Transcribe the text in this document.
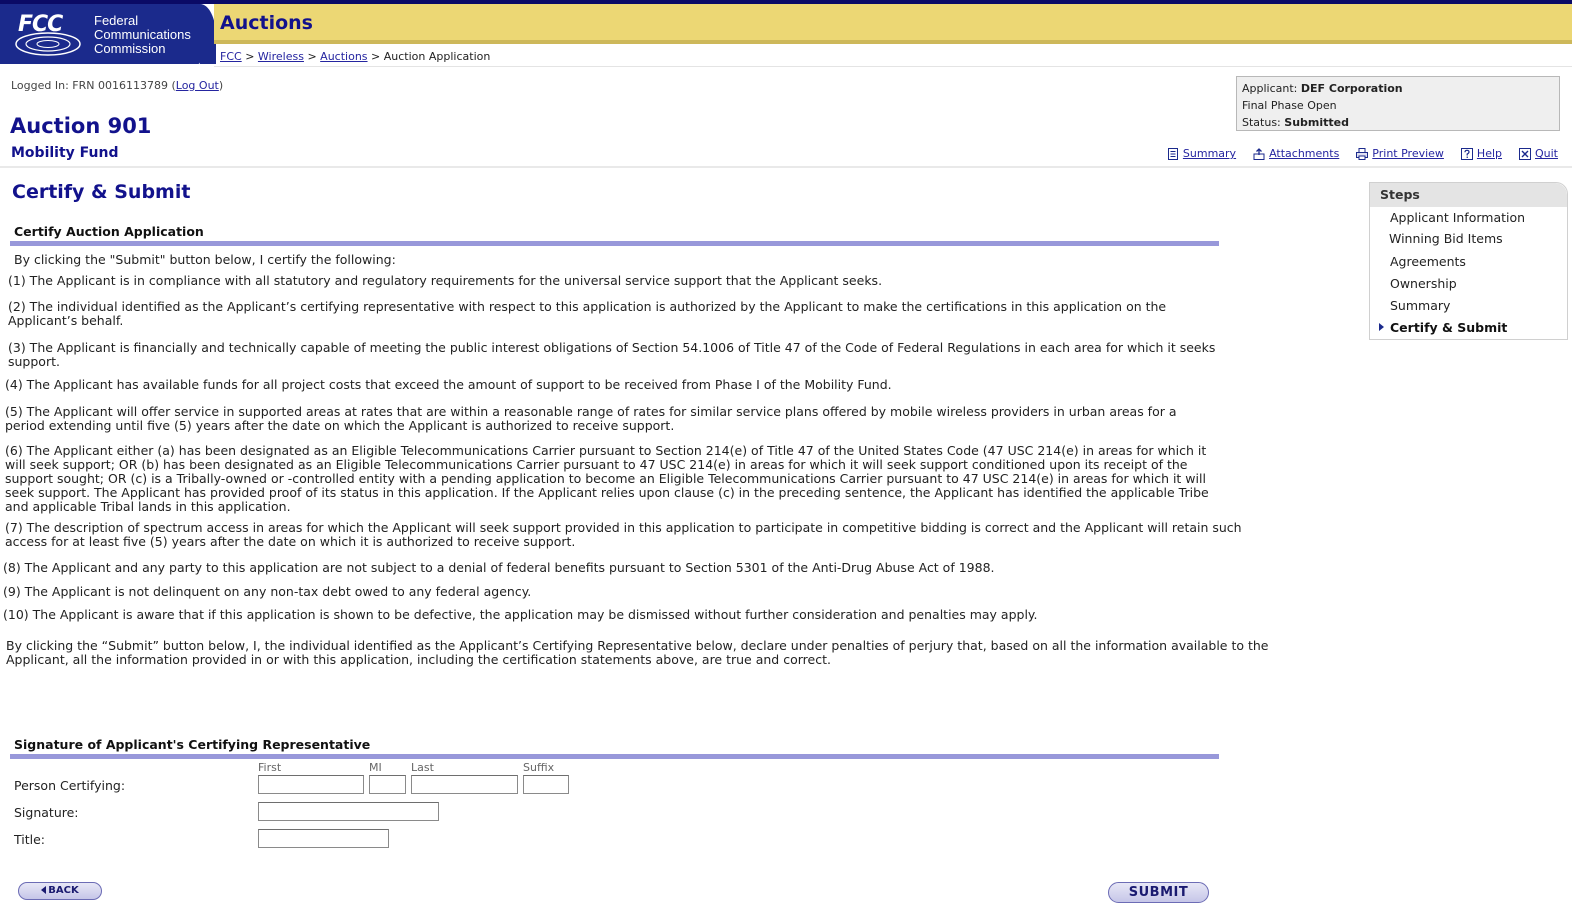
FCC Federal
Communications
Commission
Auctions
FCC > Wireless > Auctions > Auction Application
Logged In: FRN 0016113789 (Log Out)
Auction 901
Mobility Fund
Applicant: DEF Corporation
Final Phase Open
Status: Submitted
Summary	Attachments	Print Preview	Help	Quit
Certify & Submit
Certify Auction Application
By clicking the "Submit" button below, I certify the following:
(1) The Applicant is in compliance with all statutory and regulatory requirements for the universal service support that the Applicant seeks.
(2) The individual identified as the Applicant’s certifying representative with respect to this application is authorized by the Applicant to make the certifications in this application on the Applicant’s behalf.
(3) The Applicant is financially and technically capable of meeting the public interest obligations of Section 54.1006 of Title 47 of the Code of Federal Regulations in each area for which it seeks support.
(4) The Applicant has available funds for all project costs that exceed the amount of support to be received from Phase I of the Mobility Fund.
(5) The Applicant will offer service in supported areas at rates that are within a reasonable range of rates for similar service plans offered by mobile wireless providers in urban areas for a period extending until five (5) years after the date on which the Applicant is authorized to receive support.
(6) The Applicant either (a) has been designated as an Eligible Telecommunications Carrier pursuant to Section 214(e) of Title 47 of the United States Code (47 USC 214(e) in areas for which it will seek support; OR (b) has been designated as an Eligible Telecommunications Carrier pursuant to 47 USC 214(e) in areas for which it will seek support conditioned upon its receipt of the support sought; OR (c) is a Tribally-owned or -controlled entity with a pending application to become an Eligible Telecommunications Carrier pursuant to 47 USC 214(e) in areas for which it will seek support. The Applicant has provided proof of its status in this application. If the Applicant relies upon clause (c) in the preceding sentence, the Applicant has identified the applicable Tribe and applicable Tribal lands in this application.
(7) The description of spectrum access in areas for which the Applicant will seek support provided in this application to participate in competitive bidding is correct and the Applicant will retain such access for at least five (5) years after the date on which it is authorized to receive support.
(8) The Applicant and any party to this application are not subject to a denial of federal benefits pursuant to Section 5301 of the Anti-Drug Abuse Act of 1988.
(9) The Applicant is not delinquent on any non-tax debt owed to any federal agency.
(10) The Applicant is aware that if this application is shown to be defective, the application may be dismissed without further consideration and penalties may apply.
By clicking the “Submit” button below, I, the individual identified as the Applicant’s Certifying Representative below, declare under penalties of perjury that, based on all the information available to the Applicant, all the information provided in or with this application, including the certification statements above, are true and correct.
Signature of Applicant's Certifying Representative
First	MI	Last	Suffix
Person Certifying:
Signature:
Title:
BACK	SUBMIT
Steps
Applicant Information
Winning Bid Items
Agreements
Ownership
Summary
Certify & Submit
